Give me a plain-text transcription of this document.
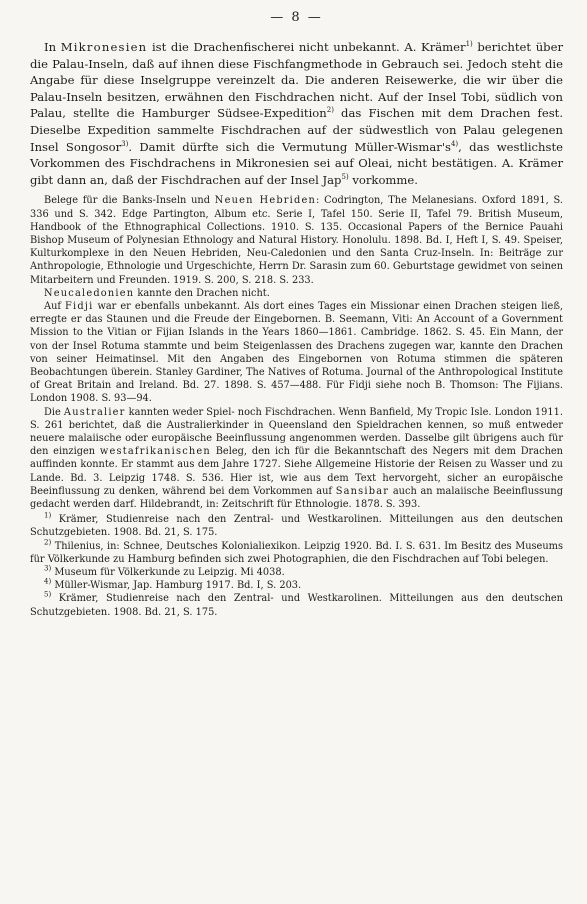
— 8 —

In Mikronesien ist die Drachenfischerei nicht unbekannt. A. Krämer$^{1)}$ berichtet über die Palau-Inseln, daß auf ihnen diese Fischfangmethode in Gebrauch sei. Jedoch steht die Angabe für diese Inselgruppe vereinzelt da. Die anderen Reisewerke, die wir über die Palau-Inseln besitzen, erwähnen den Fischdrachen nicht. Auf der Insel Tobi, südlich von Palau, stellte die Hamburger Südsee-Expedition$^{2)}$ das Fischen mit dem Drachen fest. Dieselbe Expedition sammelte Fischdrachen auf der südwestlich von Palau gelegenen Insel Songosor$^{3)}$. Damit dürfte sich die Vermutung Müller-$Wismar's^{4)}$, das westlichste Vorkommen des Fischdrachens in Mikronesien sei auf Oleai, nicht bestätigen. A. Krämer gibt dann an, daß der Fischdrachen auf der Insel Jap$^{5)}$ vorkomme.

Belege für die Banks-Inseln und Neuen Hebriden: Codrington, The Melanesians. Oxford 1891, S. 336 und S. 342. Edge Partington, Album etc. Serie I, Tafel 150. Serie II, Tafel 79. British Museum, Handbook of the Ethnographical Collections. 1910. S. 135. Occasional Papers of the Bernice Pauahi Bishop Museum of Polynesian Ethnology and Natural History. Honolulu. 1898. Bd. I, Heft I, S. 49. Speiser, Kulturkomplexe in den Neuen Hebriden, Neu-Caledonien und den Santa Cruz-Inseln. In: Beiträge zur Anthropologie, Ethnologie und Urgeschichte, Herrn Dr. Sarasin zum 60. Geburtstage gewidmet von seinen Mitarbeitern und Freunden. 1919. S. 200, S. 218. S. 233.

Neucaledonien kannte den Drachen nicht.

Auf Fidji war er ebenfalls unbekannt. Als dort eines Tages ein Missionar einen Drachen steigen ließ, erregte er das Staunen und die Freude der Eingebornen. B. Seemann, Viti: An Account of a Government Mission to the Vitian or Fijian Islands in the Years 1860—1861. Cambridge. 1862. S. 45. Ein Mann, der von der Insel Rotuma stammte und beim Steigenlassen des Drachens zugegen war, kannte den Drachen von seiner Heimatinsel. Mit den Angaben des Eingebornen von Rotuma stimmen die späteren Beobachtungen überein. Stanley Gardiner, The Natives of Rotuma. Journal of the Anthropological Institute of Great Britain and Ireland. Bd. 27. 1898. S. 457—488. Für Fidji siehe noch B. Thomson: The Fijians. London 1908. S. 93—94.

Die Australier kannten weder Spiel- noch Fischdrachen. Wenn Banfield, My Tropic Isle. London 1911. S. 261 berichtet, daß die Australierkinder in Queensland den Spieldrachen kennen, so muß entweder neuere malaiische oder europäische Beeinflussung angenommen werden. Dasselbe gilt übrigens auch für den einzigen westafrikanischen Beleg, den ich für die Bekanntschaft des Negers mit dem Drachen auffinden konnte. Er stammt aus dem Jahre 1727. Siehe Allgemeine Historie der Reisen zu Wasser und zu Lande. Bd. 3. Leipzig 1748. S. 536. Hier ist, wie aus dem Text hervorgeht, sicher an europäische Beeinflussung zu denken, während bei dem Vorkommen auf Sansibar auch an malaiische Beeinflussung gedacht werden darf. Hildebrandt, in: Zeitschrift für Ethnologie. 1878. S. 393.

$^{1)}$ Krämer, Studienreise nach den Zentral- und Westkarolinen. Mitteilungen aus den deutschen Schutzgebieten. 1908. Bd. 21, S. 175.

$^{2)}$ Thilenius, in: Schnee, Deutsches Kolonialiexikon. Leipzig 1920. Bd. I. S. 631. Im Besitz des Museums für Völkerkunde zu Hamburg befinden sich zwei Photographien, die den Fischdrachen auf Tobi belegen.

$^{3)}$ Museum für Völkerkunde zu Leipzig. Mi 4038.

$^{4)}$ Müller-Wismar, Jap. Hamburg 1917. Bd. I, S. 203.

$^{5)}$ Krämer, Studienreise nach den Zentral- und Westkarolinen. Mitteilungen aus den deutschen Schutzgebieten. 1908. Bd. 21, S. 175.
